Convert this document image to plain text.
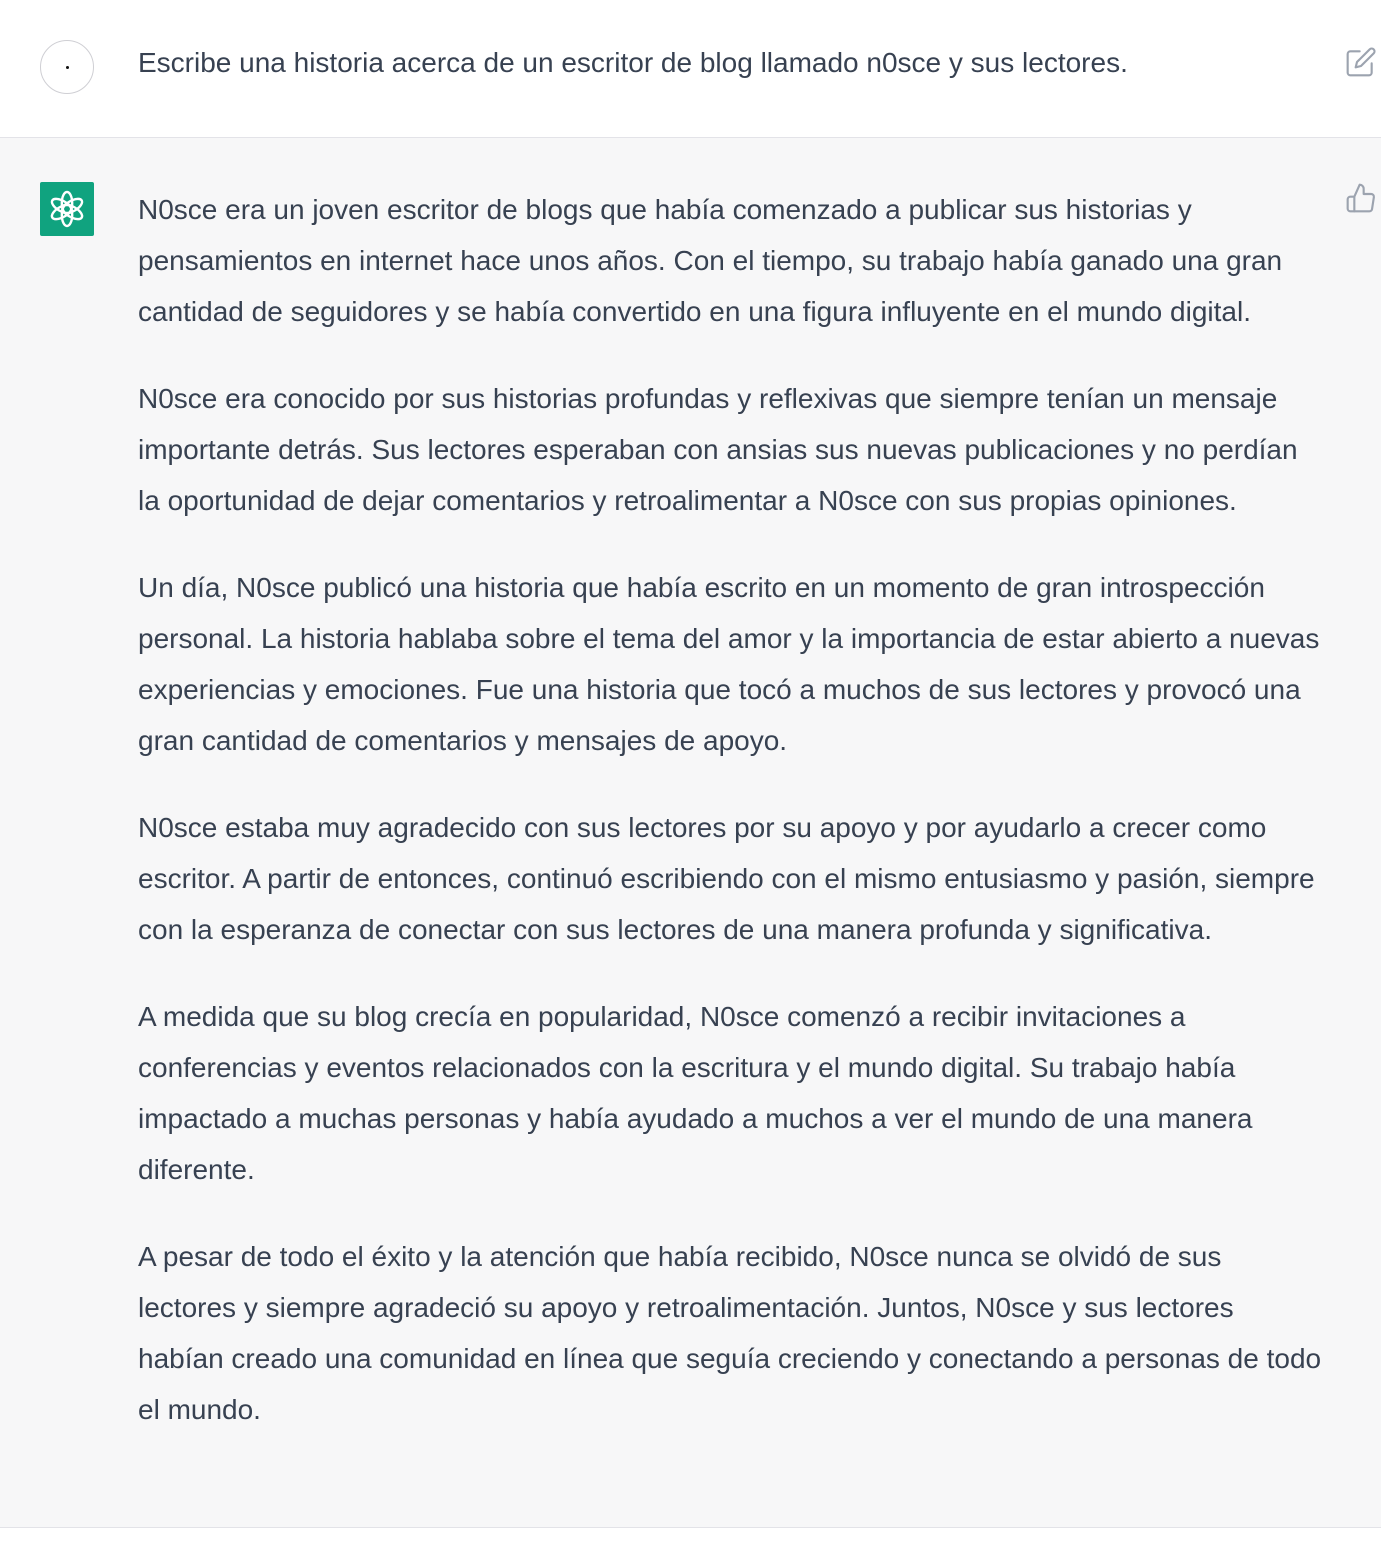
Escribe una historia acerca de un escritor de blog llamado n0sce y sus lectores.

N0sce era un joven escritor de blogs que había comenzado a publicar sus historias y pensamientos en internet hace unos años. Con el tiempo, su trabajo había ganado una gran cantidad de seguidores y se había convertido en una figura influyente en el mundo digital.

N0sce era conocido por sus historias profundas y reflexivas que siempre tenían un mensaje importante detrás. Sus lectores esperaban con ansias sus nuevas publicaciones y no perdían la oportunidad de dejar comentarios y retroalimentar a N0sce con sus propias opiniones.

Un día, N0sce publicó una historia que había escrito en un momento de gran introspección personal. La historia hablaba sobre el tema del amor y la importancia de estar abierto a nuevas experiencias y emociones. Fue una historia que tocó a muchos de sus lectores y provocó una gran cantidad de comentarios y mensajes de apoyo.

N0sce estaba muy agradecido con sus lectores por su apoyo y por ayudarlo a crecer como escritor. A partir de entonces, continuó escribiendo con el mismo entusiasmo y pasión, siempre con la esperanza de conectar con sus lectores de una manera profunda y significativa.

A medida que su blog crecía en popularidad, N0sce comenzó a recibir invitaciones a conferencias y eventos relacionados con la escritura y el mundo digital. Su trabajo había impactado a muchas personas y había ayudado a muchos a ver el mundo de una manera diferente.

A pesar de todo el éxito y la atención que había recibido, N0sce nunca se olvidó de sus lectores y siempre agradeció su apoyo y retroalimentación. Juntos, N0sce y sus lectores habían creado una comunidad en línea que seguía creciendo y conectando a personas de todo el mundo.
